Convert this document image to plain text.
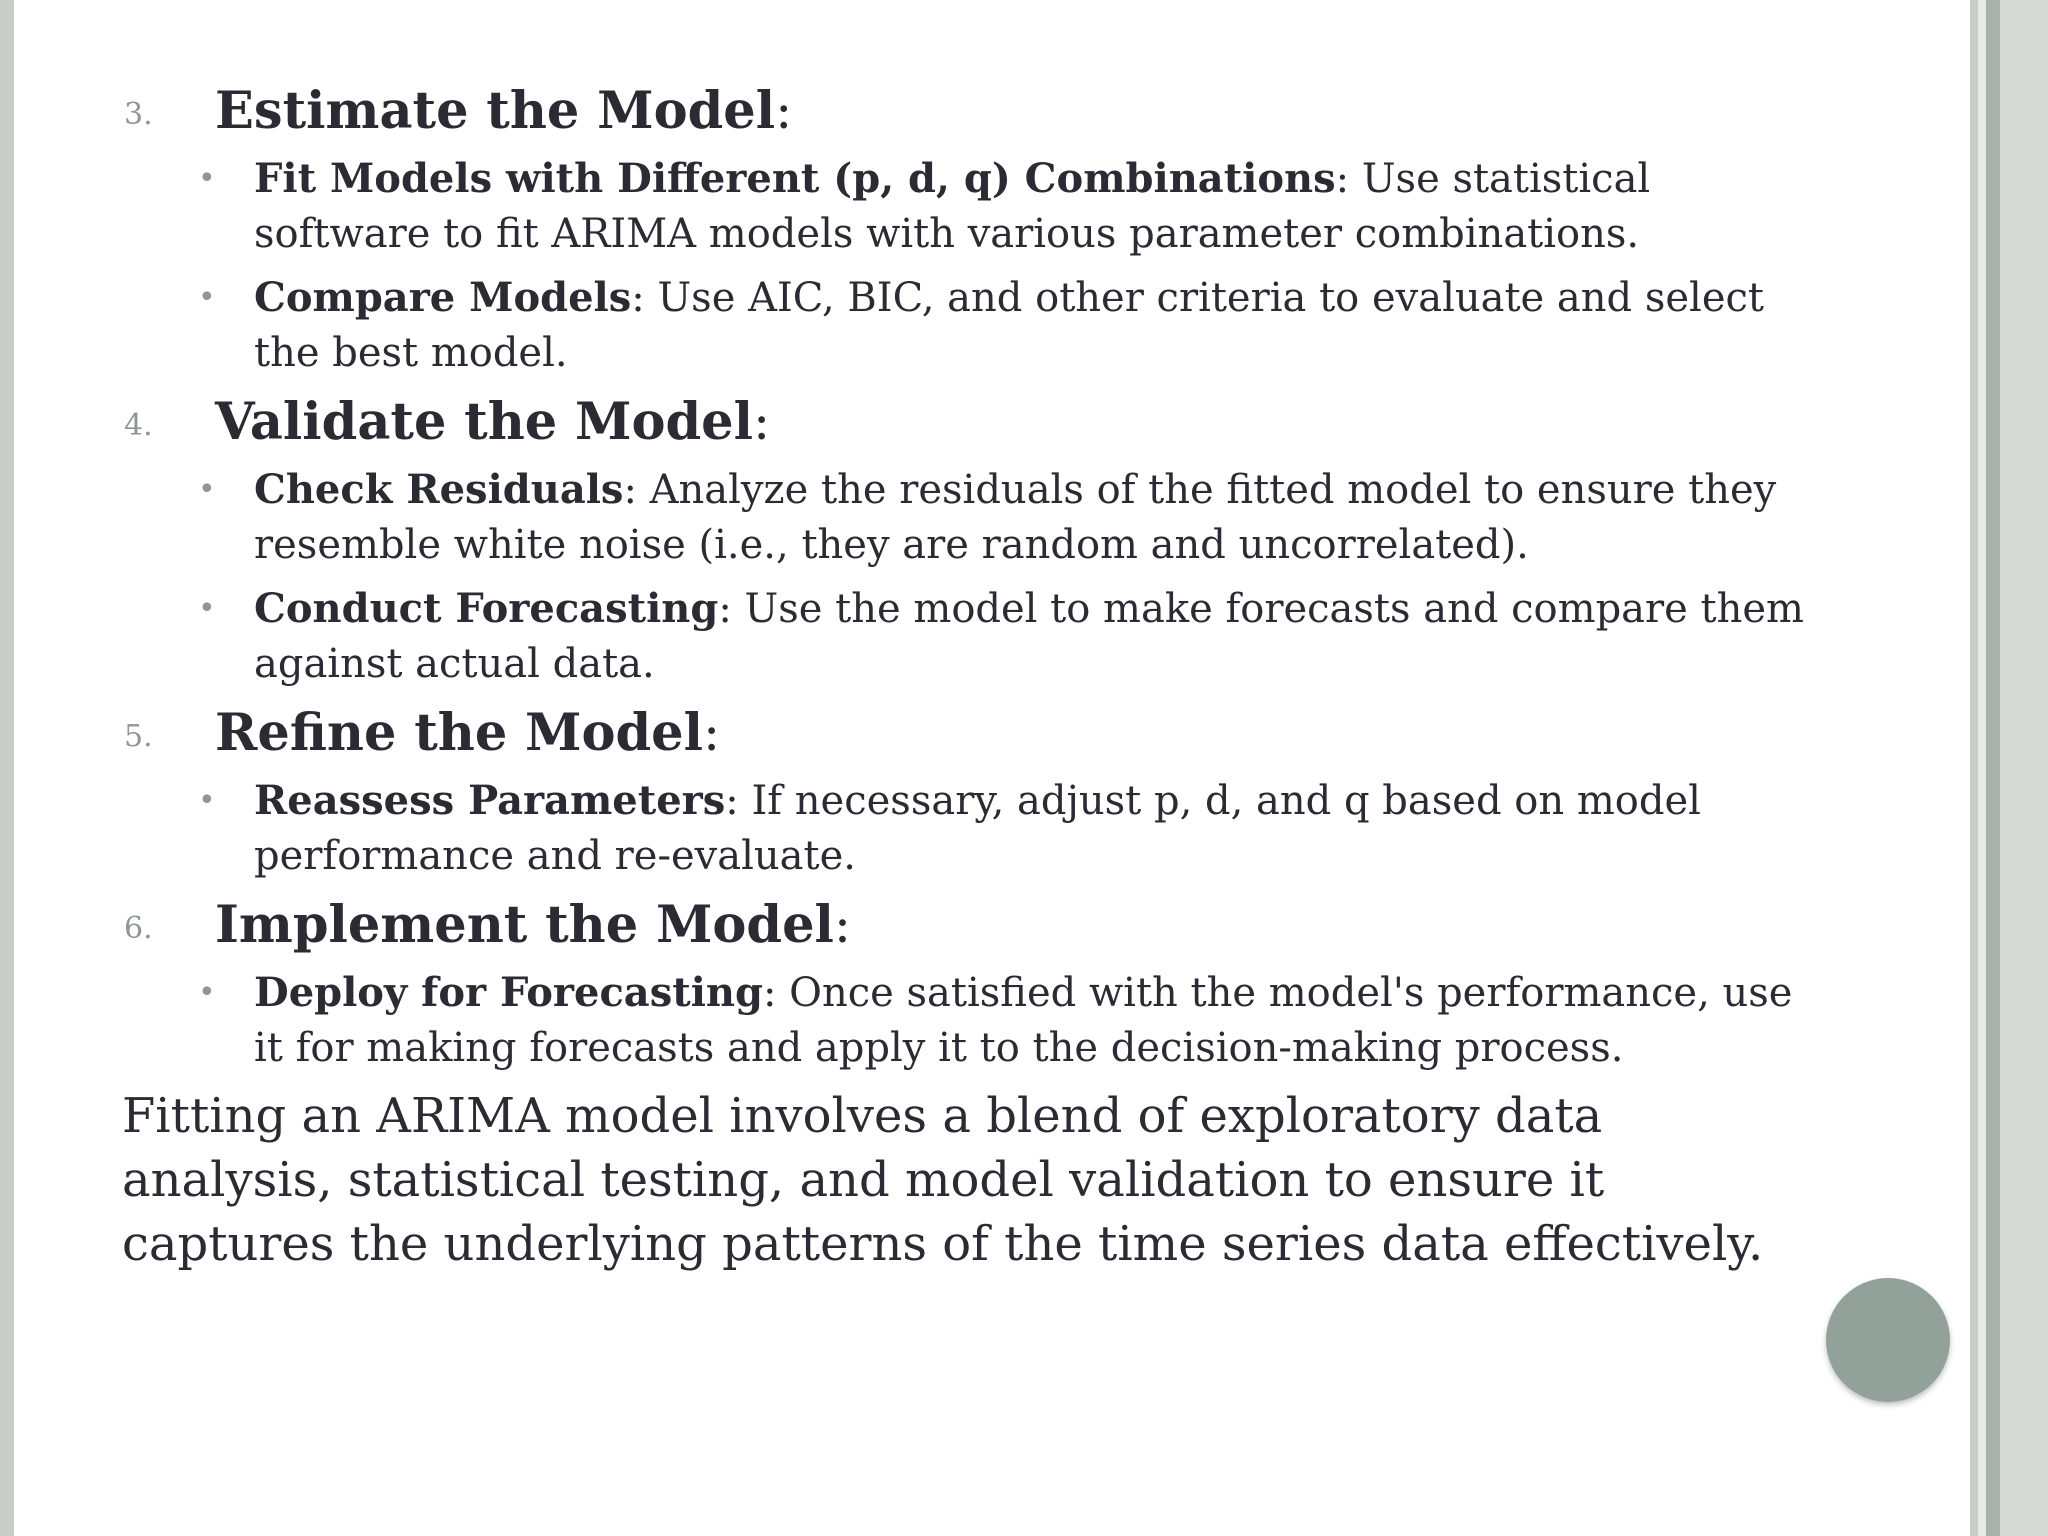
3. Estimate the Model:
• Fit Models with Different (p, d, q) Combinations: Use statistical software to fit ARIMA models with various parameter combinations.
• Compare Models: Use AIC, BIC, and other criteria to evaluate and select the best model.
4. Validate the Model:
• Check Residuals: Analyze the residuals of the fitted model to ensure they resemble white noise (i.e., they are random and uncorrelated).
• Conduct Forecasting: Use the model to make forecasts and compare them against actual data.
5. Refine the Model:
• Reassess Parameters: If necessary, adjust p, d, and q based on model performance and re-evaluate.
6. Implement the Model:
• Deploy for Forecasting: Once satisfied with the model's performance, use it for making forecasts and apply it to the decision-making process.
Fitting an ARIMA model involves a blend of exploratory data analysis, statistical testing, and model validation to ensure it captures the underlying patterns of the time series data effectively.
